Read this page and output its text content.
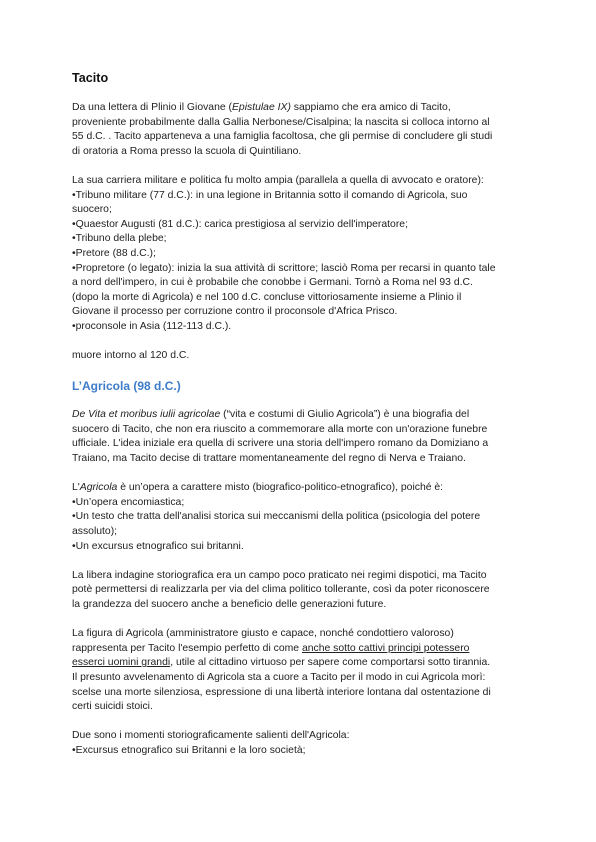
Tacito
Da una lettera di Plinio il Giovane (Epistulae IX) sappiamo che era amico di Tacito,
proveniente probabilmente dalla Gallia Nerbonese/Cisalpina; la nascita si colloca intorno al
55 d.C. . Tacito apparteneva a una famiglia facoltosa, che gli permise di concludere gli studi
di oratoria a Roma presso la scuola di Quintiliano.
La sua carriera militare e politica fu molto ampia (parallela a quella di avvocato e oratore):
•Tribuno militare (77 d.C.): in una legione in Britannia sotto il comando di Agricola, suo
suocero;
•Quaestor Augusti (81 d.C.): carica prestigiosa al servizio dell'imperatore;
•Tribuno della plebe;
•Pretore (88 d.C.);
•Propretore (o legato): inizia la sua attività di scrittore; lasciò Roma per recarsi in quanto tale
a nord dell'impero, in cui è probabile che conobbe i Germani. Tornò a Roma nel 93 d.C.
(dopo la morte di Agricola) e nel 100 d.C. concluse vittoriosamente insieme a Plinio il
Giovane il processo per corruzione contro il proconsole d'Africa Prisco.
•proconsole in Asia (112-113 d.C.).
muore intorno al 120 d.C.
L’Agricola (98 d.C.)
De Vita et moribus iulii agricolae (“vita e costumi di Giulio Agricola”) è una biografia del
suocero di Tacito, che non era riuscito a commemorare alla morte con un'orazione funebre
ufficiale. L'idea iniziale era quella di scrivere una storia dell'impero romano da Domiziano a
Traiano, ma Tacito decise di trattare momentaneamente del regno di Nerva e Traiano.
L'Agricola è un’opera a carattere misto (biografico-politico-etnografico), poiché è:
•Un’opera encomiastica;
•Un testo che tratta dell'analisi storica sui meccanismi della politica (psicologia del potere
assoluto);
•Un excursus etnografico sui britanni.
La libera indagine storiografica era un campo poco praticato nei regimi dispotici, ma Tacito
potè permettersi di realizzarla per via del clima politico tollerante, così da poter riconoscere
la grandezza del suocero anche a beneficio delle generazioni future.
La figura di Agricola (amministratore giusto e capace, nonché condottiero valoroso)
rappresenta per Tacito l'esempio perfetto di come anche sotto cattivi principi potessero
esserci uomini grandi, utile al cittadino virtuoso per sapere come comportarsi sotto tirannia.
Il presunto avvelenamento di Agricola sta a cuore a Tacito per il modo in cui Agricola morì:
scelse una morte silenziosa, espressione di una libertà interiore lontana dal ostentazione di
certi suicidi stoici.
Due sono i momenti storiograficamente salienti dell'Agricola:
•Excursus etnografico sui Britanni e la loro società;
